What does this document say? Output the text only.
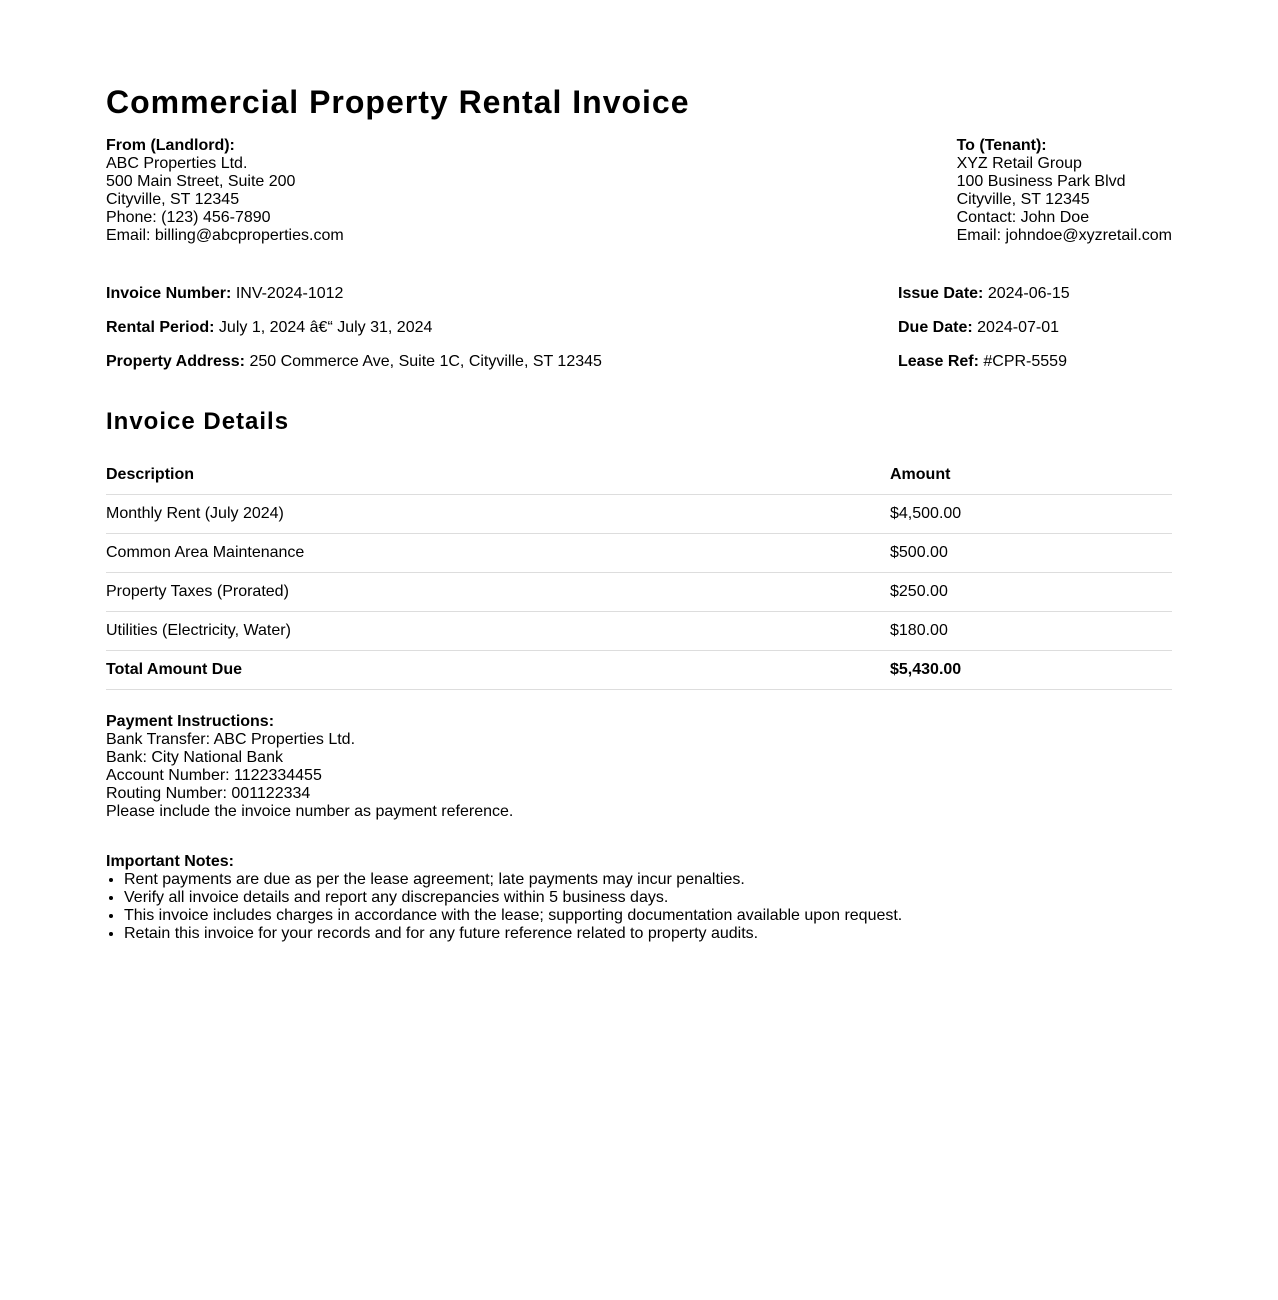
Commercial Property Rental Invoice
From (Landlord):
ABC Properties Ltd.
500 Main Street, Suite 200
Cityville, ST 12345
Phone: (123) 456-7890
Email: billing@abcproperties.com
To (Tenant):
XYZ Retail Group
100 Business Park Blvd
Cityville, ST 12345
Contact: John Doe
Email: johndoe@xyzretail.com
Invoice Number: INV-2024-1012
Rental Period: July 1, 2024 â€“ July 31, 2024
Property Address: 250 Commerce Ave, Suite 1C, Cityville, ST 12345
Issue Date: 2024-06-15
Due Date: 2024-07-01
Lease Ref: #CPR-5559
Invoice Details
Description	Amount
Monthly Rent (July 2024)	$4,500.00
Common Area Maintenance	$500.00
Property Taxes (Prorated)	$250.00
Utilities (Electricity, Water)	$180.00
Total Amount Due	$5,430.00
Payment Instructions:
Bank Transfer: ABC Properties Ltd.
Bank: City National Bank
Account Number: 1122334455
Routing Number: 001122334
Please include the invoice number as payment reference.
Important Notes:
• Rent payments are due as per the lease agreement; late payments may incur penalties.
• Verify all invoice details and report any discrepancies within 5 business days.
• This invoice includes charges in accordance with the lease; supporting documentation available upon request.
• Retain this invoice for your records and for any future reference related to property audits.
